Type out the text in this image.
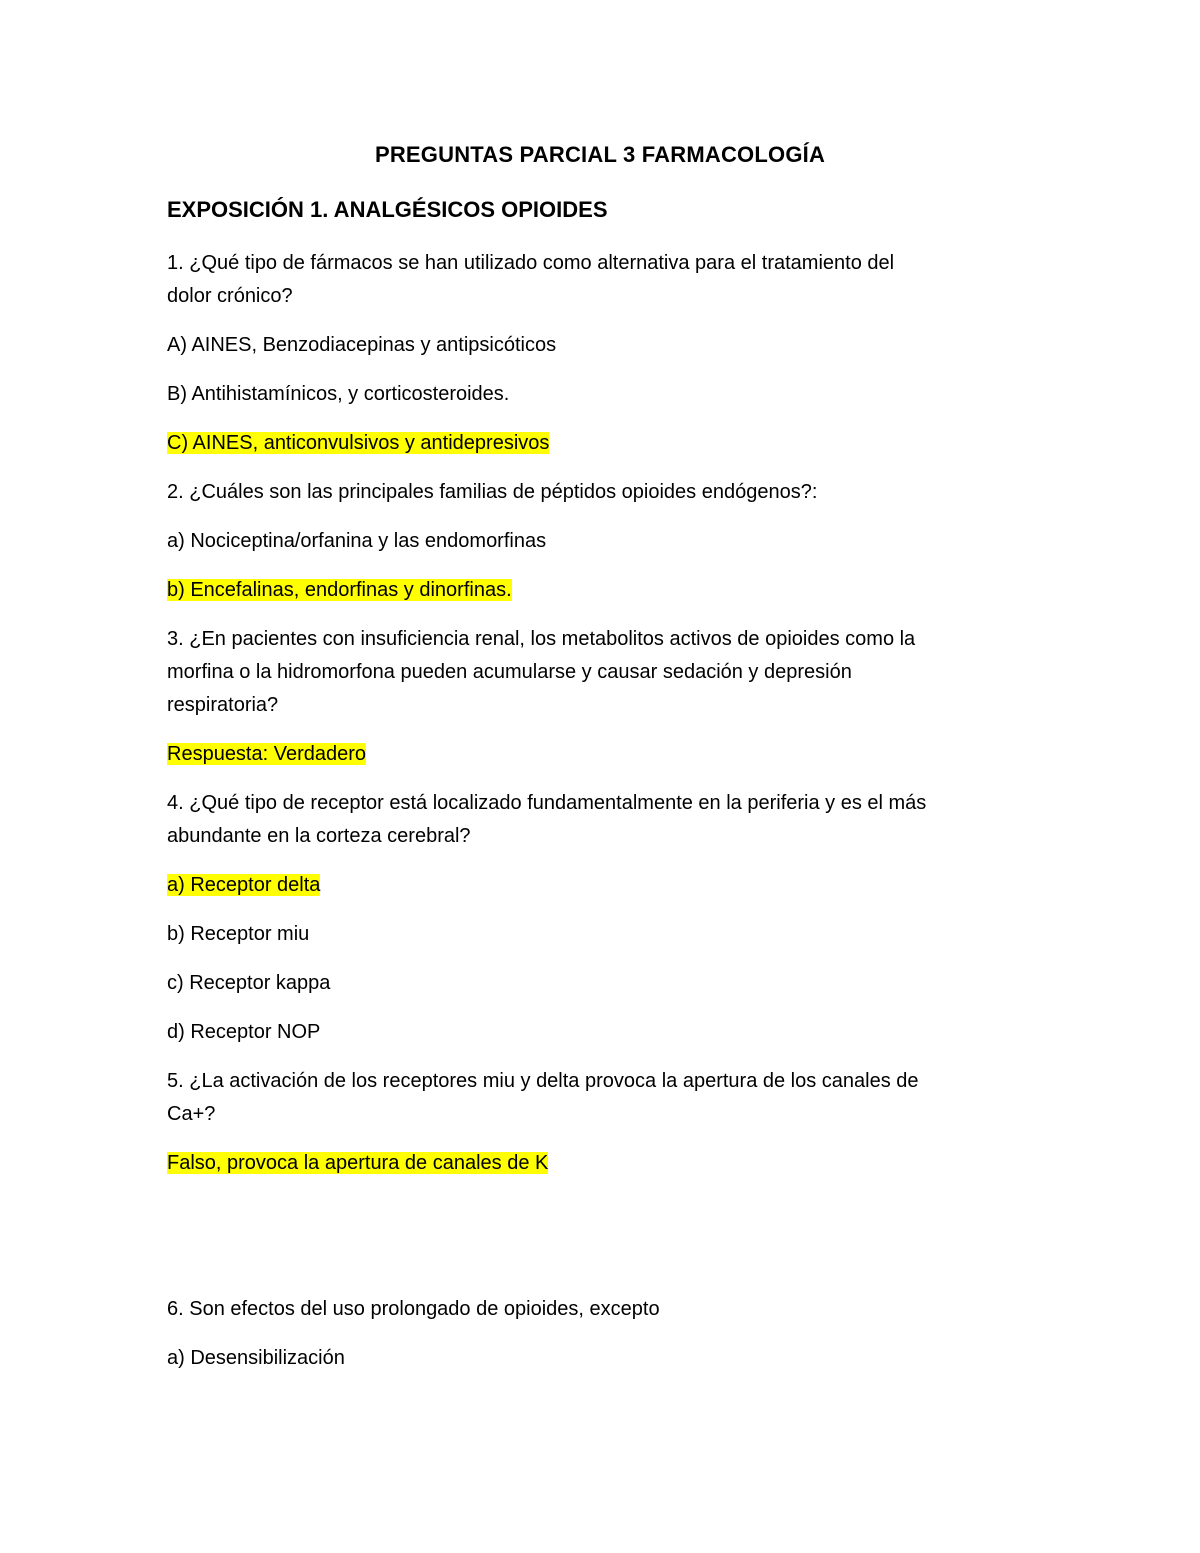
PREGUNTAS PARCIAL 3 FARMACOLOGÍA
EXPOSICIÓN 1. ANALGÉSICOS OPIOIDES
1. ¿Qué tipo de fármacos se han utilizado como alternativa para el tratamiento del
dolor crónico?
A) AINES, Benzodiacepinas y antipsicóticos
B) Antihistamínicos, y corticosteroides.
C) AINES, anticonvulsivos y antidepresivos
2. ¿Cuáles son las principales familias de péptidos opioides endógenos?:
a) Nociceptina/orfanina y las endomorfinas
b) Encefalinas, endorfinas y dinorfinas.
3. ¿En pacientes con insuficiencia renal, los metabolitos activos de opioides como la
morfina o la hidromorfona pueden acumularse y causar sedación y depresión
respiratoria?
Respuesta: Verdadero
4. ¿Qué tipo de receptor está localizado fundamentalmente en la periferia y es el más
abundante en la corteza cerebral?
a) Receptor delta
b) Receptor miu
c) Receptor kappa
d) Receptor NOP
5. ¿La activación de los receptores miu y delta provoca la apertura de los canales de
Ca+?
Falso, provoca la apertura de canales de K
6. Son efectos del uso prolongado de opioides, excepto
a) Desensibilización
